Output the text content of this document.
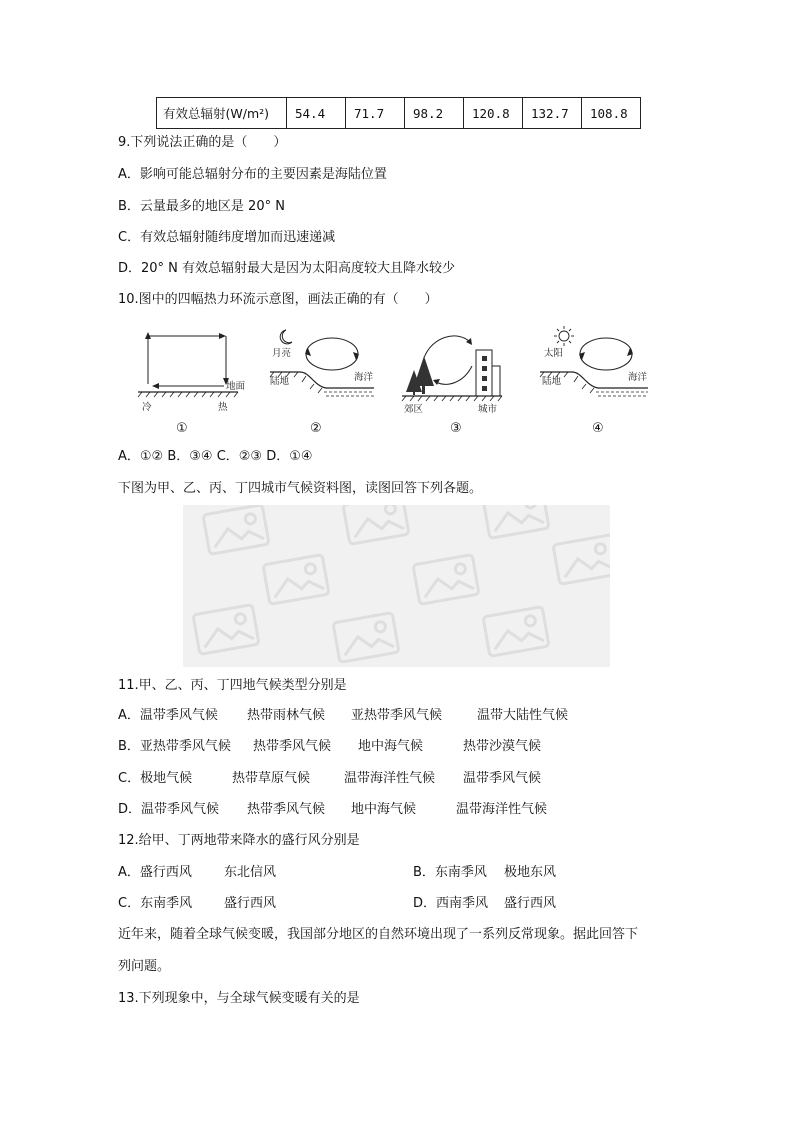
有效总辐射(W/m²)	54.4	71.7	98.2	120.8	132.7	108.8
9.下列说法正确的是（　　）
A．影响可能总辐射分布的主要因素是海陆位置
B．云量最多的地区是 20° N
C．有效总辐射随纬度增加而迅速递减
D．20° N 有效总辐射最大是因为太阳高度较大且降水较少
10.图中的四幅热力环流示意图，画法正确的有（　　）
地面
冷	热
①
月亮
陆地	海洋
②
郊区	城市
③
太阳
陆地	海洋
④
A．①② B．③④ C．②③ D．①④
下图为甲、乙、丙、丁四城市气候资料图，读图回答下列各题。
11.甲、乙、丙、丁四地气候类型分别是
A．温带季风气候 热带雨林气候 亚热带季风气候	温带大陆性气候
B．亚热带季风气候 热带季风气候 地中海气候	热带沙漠气候
C．极地气候	热带草原气候	温带海洋性气候 温带季风气候
D．温带季风气候 热带季风气候 地中海气候	温带海洋性气候
12.给甲、丁两地带来降水的盛行风分别是
A．盛行西风 东北信风	B．东南季风 极地东风
C．东南季风 盛行西风	D．西南季风 盛行西风
近年来，随着全球气候变暖，我国部分地区的自然环境出现了一系列反常现象。据此回答下
列问题。
13.下列现象中，与全球气候变暖有关的是
